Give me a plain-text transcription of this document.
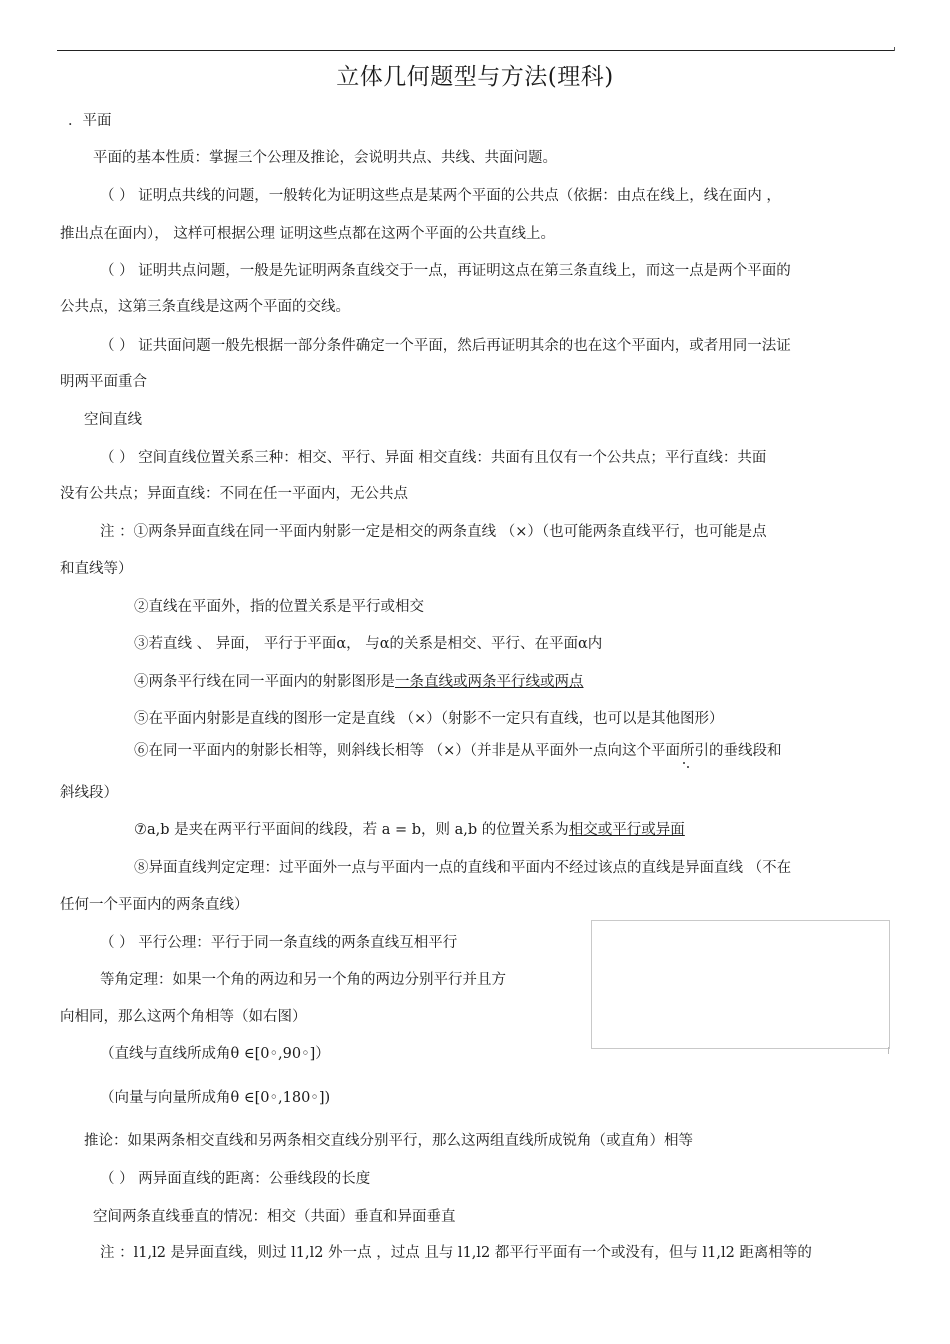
立体几何题型与方法(理科)
．平面
平面的基本性质：掌握三个公理及推论，会说明共点、共线、共面问题。
（ ） 证明点共线的问题，一般转化为证明这些点是某两个平面的公共点（依据：由点在线上，线在面内 ，
推出点在面内）， 这样可根据公理 证明这些点都在这两个平面的公共直线上。
（ ） 证明共点问题，一般是先证明两条直线交于一点，再证明这点在第三条直线上，而这一点是两个平面的
公共点，这第三条直线是这两个平面的交线。
（ ） 证共面问题一般先根据一部分条件确定一个平面，然后再证明其余的也在这个平面内，或者用同一法证
明两平面重合
空间直线
（ ） 空间直线位置关系三种：相交、平行、异面 相交直线：共面有且仅有一个公共点；平行直线：共面
没有公共点；异面直线：不同在任一平面内，无公共点
注 ：①两条异面直线在同一平面内射影一定是相交的两条直线 （×）（也可能两条直线平行，也可能是点
和直线等）
②直线在平面外，指的位置关系是平行或相交
③若直线 、 异面， 平行于平面α， 与α的关系是相交、平行、在平面α内
④两条平行线在同一平面内的射影图形是一条直线或两条平行线或两点
⑤在平面内射影是直线的图形一定是直线 （×）（射影不一定只有直线，也可以是其他图形）
⑥在同一平面内的射影长相等，则斜线长相等 （×）（并非是从平面外一点向这个平面所引的垂线段和
斜线段）
⑦a,b 是夹在两平行平面间的线段，若 a = b，则 a,b 的位置关系为相交或平行或异面
⑧异面直线判定定理：过平面外一点与平面内一点的直线和平面内不经过该点的直线是异面直线 （不在
任何一个平面内的两条直线）
（ ） 平行公理：平行于同一条直线的两条直线互相平行
等角定理：如果一个角的两边和另一个角的两边分别平行并且方
向相同，那么这两个角相等（如右图）
（直线与直线所成角θ ∈[0◦,90◦]）
（向量与向量所成角θ ∈[0◦,180◦])
推论：如果两条相交直线和另两条相交直线分别平行，那么这两组直线所成锐角（或直角）相等
（ ） 两异面直线的距离：公垂线段的长度
空间两条直线垂直的情况：相交（共面）垂直和异面垂直
注 ：l1,l2 是异面直线，则过 l1,l2 外一点 ，过点 且与 l1,l2 都平行平面有一个或没有，但与 l1,l2 距离相等的
